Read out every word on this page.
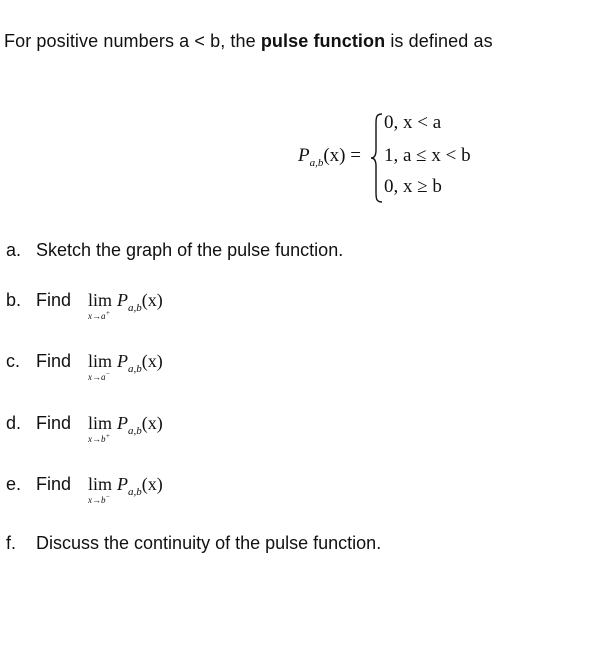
For positive numbers a < b, the pulse function is defined as
$P_{a,b}(x)$ =
0, x < a
1, a ≤ x < b
0, x ≥ b
a. Sketch the graph of the pulse function.
b. Find lim
x→a+
$P_{a,b}(x)$
c. Find lim
x→a−
$P_{a,b}(x)$
d. Find lim
x→b+
$P_{a,b}(x)$
e. Find lim
x→b−
$P_{a,b}(x)$
f. Discuss the continuity of the pulse function.
